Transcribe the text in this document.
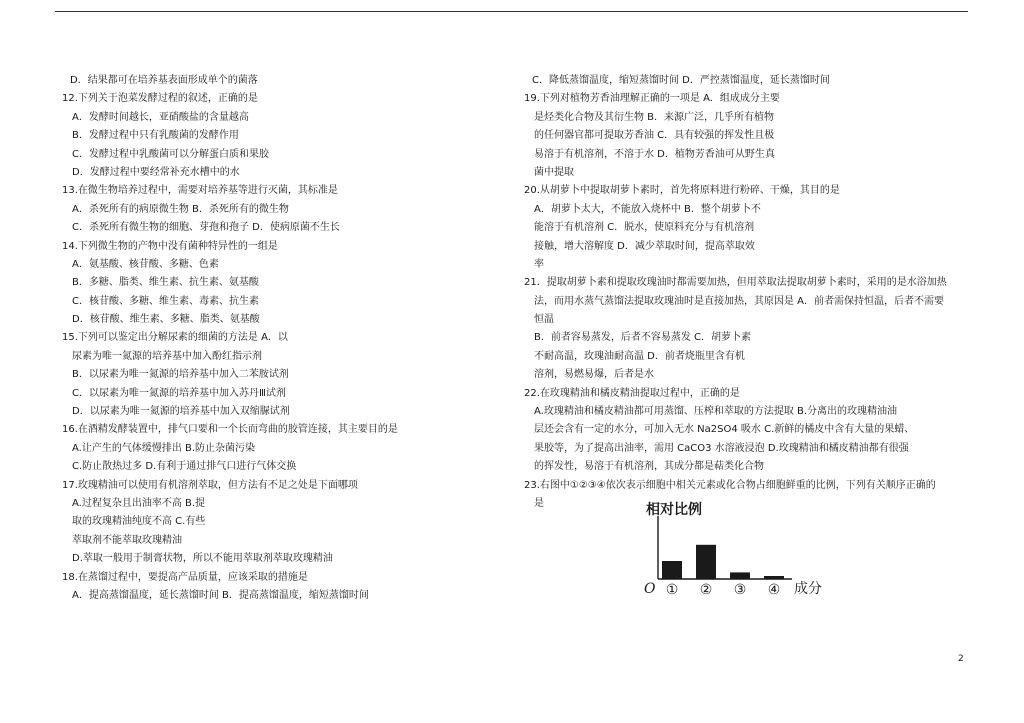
D．结果都可在培养基表面形成单个的菌落
12.下列关于泡菜发酵过程的叙述，正确的是
A．发酵时间越长，亚硝酸盐的含量越高
B．发酵过程中只有乳酸菌的发酵作用
C．发酵过程中乳酸菌可以分解蛋白质和果胶
D．发酵过程中要经常补充水槽中的水
13.在微生物培养过程中，需要对培养基等进行灭菌，其标准是
A．杀死所有的病原微生物 B．杀死所有的微生物
C．杀死所有微生物的细胞、芽孢和孢子 D．使病原菌不生长
14.下列微生物的产物中没有菌种特异性的一组是
A．氨基酸、核苷酸、多糖、色素
B．多糖、脂类、维生素、抗生素、氨基酸
C．核苷酸、多糖、维生素、毒素、抗生素
D．核苷酸、维生素、多糖、脂类、氨基酸
15.下列可以鉴定出分解尿素的细菌的方法是 A．以
尿素为唯一氮源的培养基中加入酚红指示剂
B．以尿素为唯一氮源的培养基中加入二苯胺试剂
C．以尿素为唯一氮源的培养基中加入苏丹Ⅲ试剂
D．以尿素为唯一氮源的培养基中加入双缩脲试剂
16.在酒精发酵装置中，排气口要和一个长而弯曲的胶管连接，其主要目的是
A.让产生的气体缓慢排出 B.防止杂菌污染
C.防止散热过多 D.有利于通过排气口进行气体交换
17.玫瑰精油可以使用有机溶剂萃取，但方法有不足之处是下面哪项
A.过程复杂且出油率不高 B.提
取的玫瑰精油纯度不高 C.有些
萃取剂不能萃取玫瑰精油
D.萃取一般用于制膏状物，所以不能用萃取剂萃取玫瑰精油
18.在蒸馏过程中，要提高产品质量，应该采取的措施是
A．提高蒸馏温度，延长蒸馏时间 B．提高蒸馏温度，缩短蒸馏时间
C．降低蒸馏温度，缩短蒸馏时间 D．严控蒸馏温度，延长蒸馏时间
19.下列对植物芳香油理解正确的一项是 A．组成成分主要
是烃类化合物及其衍生物 B．来源广泛，几乎所有植物
的任何器官都可提取芳香油 C．具有较强的挥发性且极
易溶于有机溶剂，不溶于水 D．植物芳香油可从野生真
菌中提取
20.从胡萝卜中提取胡萝卜素时，首先将原料进行粉碎、干燥，其目的是
A．胡萝卜太大，不能放入烧杯中 B．整个胡萝卜不
能溶于有机溶剂 C．脱水，使原料充分与有机溶剂
接触，增大溶解度 D．减少萃取时间，提高萃取效
率
21．提取胡萝卜素和提取玫瑰油时都需要加热，但用萃取法提取胡萝卜素时，采用的是水浴加热
法，而用水蒸气蒸馏法提取玫瑰油时是直接加热，其原因是 A．前者需保持恒温，后者不需要
恒温
B．前者容易蒸发，后者不容易蒸发 C．胡萝卜素
不耐高温，玫瑰油耐高温 D．前者烧瓶里含有机
溶剂，易燃易爆，后者是水
22.在玫瑰精油和橘皮精油提取过程中，正确的是
A.玫瑰精油和橘皮精油都可用蒸馏、压榨和萃取的方法提取 B.分离出的玫瑰精油油
层还会含有一定的水分，可加入无水 Na2SO4 吸水 C.新鲜的橘皮中含有大量的果蜡、
果胶等，为了提高出油率，需用 CaCO3 水溶液浸泡 D.玫瑰精油和橘皮精油都有很强
的挥发性，易溶于有机溶剂，其成分都是萜类化合物
23.右图中①②③④依次表示细胞中相关元素或化合物占细胞鲜重的比例，下列有关顺序正确的
是	相对比例
O	成分
① ② ③ ④
2
